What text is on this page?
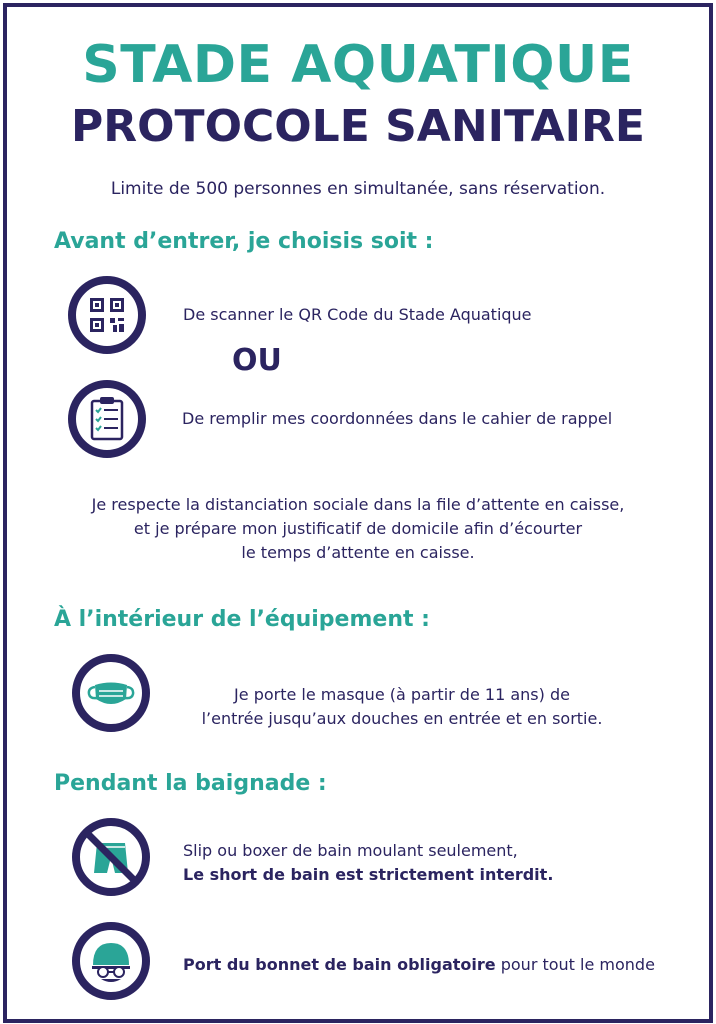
STADE AQUATIQUE
PROTOCOLE SANITAIRE
Limite de 500 personnes en simultanée, sans réservation.
Avant d’entrer, je choisis soit :
De scanner le QR Code du Stade Aquatique
OU
De remplir mes coordonnées dans le cahier de rappel
Je respecte la distanciation sociale dans la file d’attente en caisse,
et je prépare mon justificatif de domicile afin d’écourter
le temps d’attente en caisse.
À l’intérieur de l’équipement :
Je porte le masque (à partir de 11 ans) de
l’entrée jusqu’aux douches en entrée et en sortie.
Pendant la baignade :
Slip ou boxer de bain moulant seulement,
Le short de bain est strictement interdit.
Port du bonnet de bain obligatoire pour tout le monde
